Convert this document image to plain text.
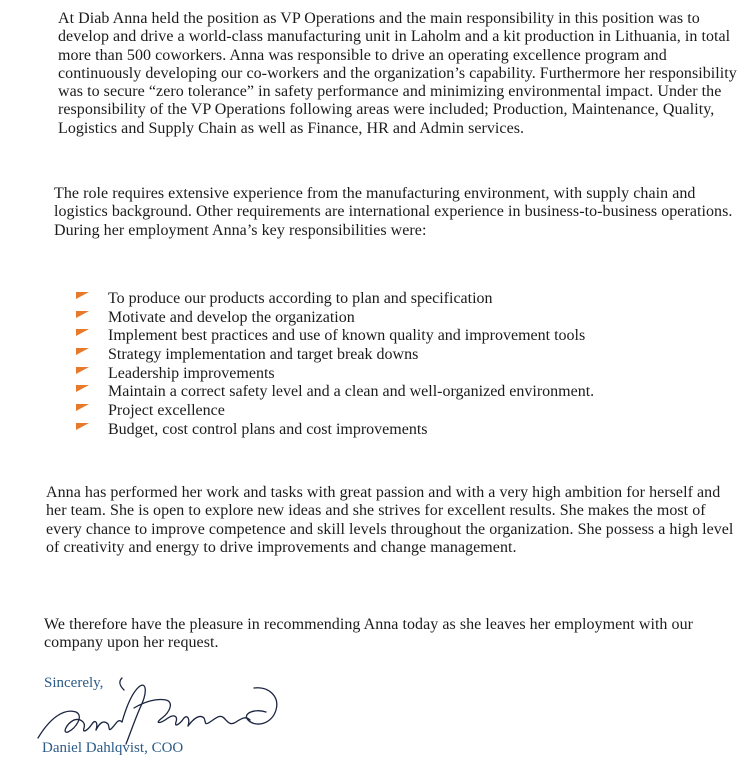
At Diab Anna held the position as VP Operations and the main responsibility in this position was to develop and drive a world-class manufacturing unit in Laholm and a kit production in Lithuania, in total more than 500 coworkers. Anna was responsible to drive an operating excellence program and continuously developing our co-workers and the organization’s capability. Furthermore her responsibility was to secure “zero tolerance” in safety performance and minimizing environmental impact. Under the responsibility of the VP Operations following areas were included; Production, Maintenance, Quality, Logistics and Supply Chain as well as Finance, HR and Admin services.

The role requires extensive experience from the manufacturing environment, with supply chain and logistics background. Other requirements are international experience in business-to-business operations. During her employment Anna’s key responsibilities were:

To produce our products according to plan and specification
Motivate and develop the organization
Implement best practices and use of known quality and improvement tools
Strategy implementation and target break downs
Leadership improvements
Maintain a correct safety level and a clean and well-organized environment.
Project excellence
Budget, cost control plans and cost improvements

Anna has performed her work and tasks with great passion and with a very high ambition for herself and her team. She is open to explore new ideas and she strives for excellent results. She makes the most of every chance to improve competence and skill levels throughout the organization. She possess a high level of creativity and energy to drive improvements and change management.

We therefore have the pleasure in recommending Anna today as she leaves her employment with our company upon her request.

Sincerely,
Daniel Dahlqvist, COO
